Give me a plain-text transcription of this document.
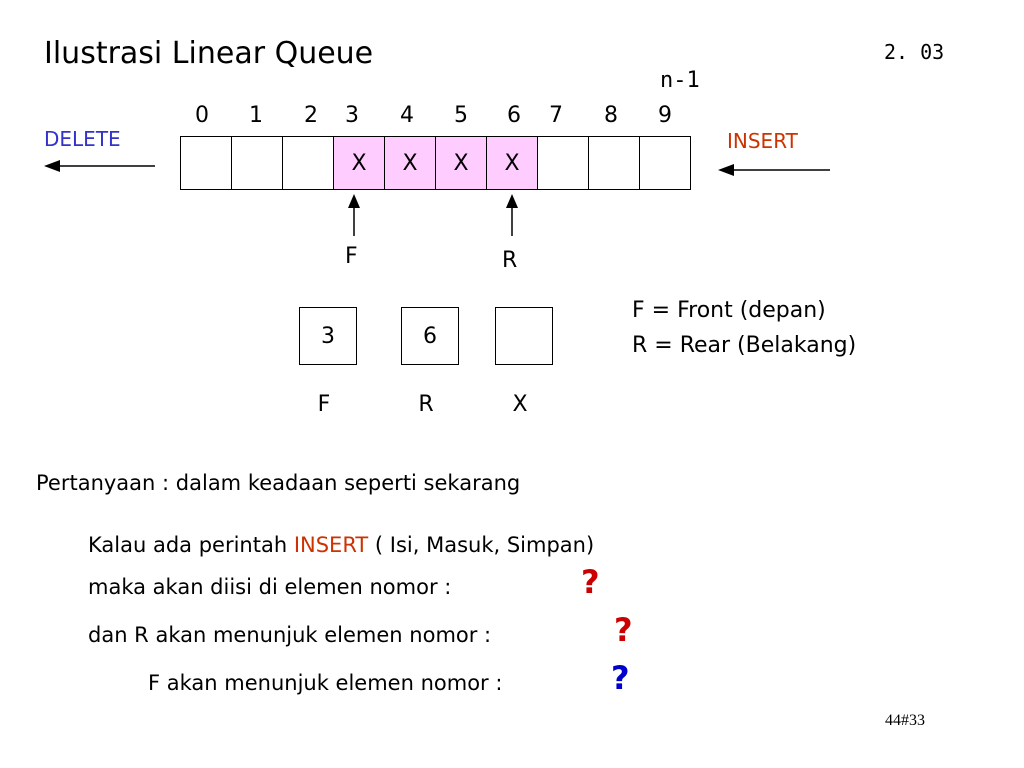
Ilustrasi Linear Queue	2. 03
n-1
0	1	2	3	4	5	6	7	8	9
DELETE	INSERT
X	X	X	X
F	R
3	6
F	R	X
F = Front (depan)
R = Rear (Belakang)
Pertanyaan : dalam keadaan seperti sekarang
Kalau ada perintah INSERT ( Isi, Masuk, Simpan)
maka akan diisi di elemen nomor :	?
dan R akan menunjuk elemen nomor :	?
F akan menunjuk elemen nomor :	?
44#33
